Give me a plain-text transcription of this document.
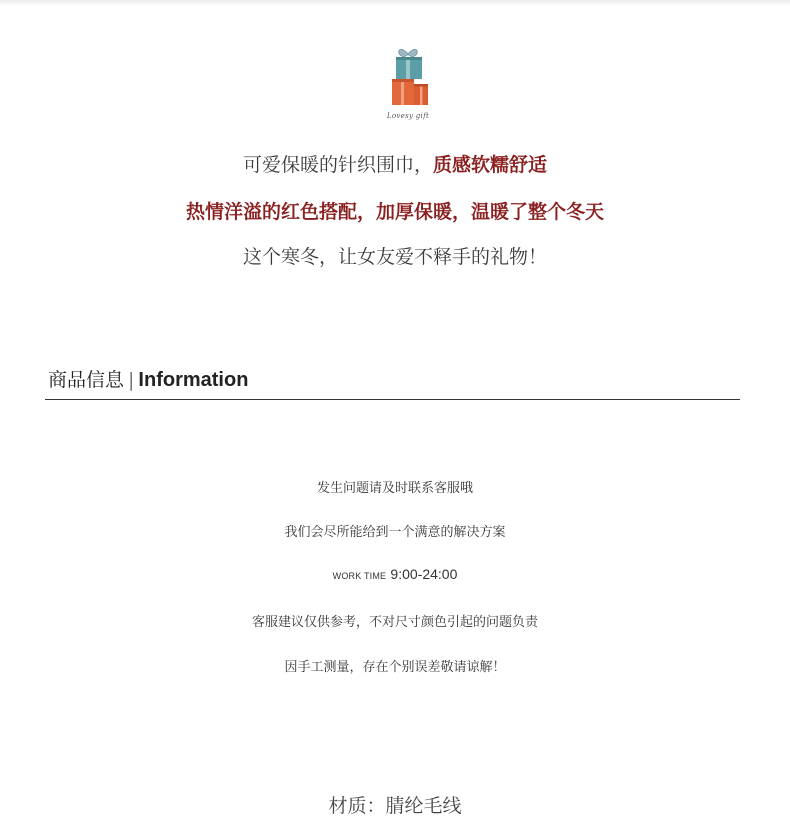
Lovesy gift
可爱保暖的针织围巾，质感软糯舒适
热情洋溢的红色搭配，加厚保暖，温暖了整个冬天
这个寒冬，让女友爱不释手的礼物！
商品信息 | Information
发生问题请及时联系客服哦
我们会尽所能给到一个满意的解决方案
WORK TIME 9:00-24:00
客服建议仅供参考，不对尺寸颜色引起的问题负责
因手工测量，存在个别误差敬请谅解！
材质：腈纶毛线
